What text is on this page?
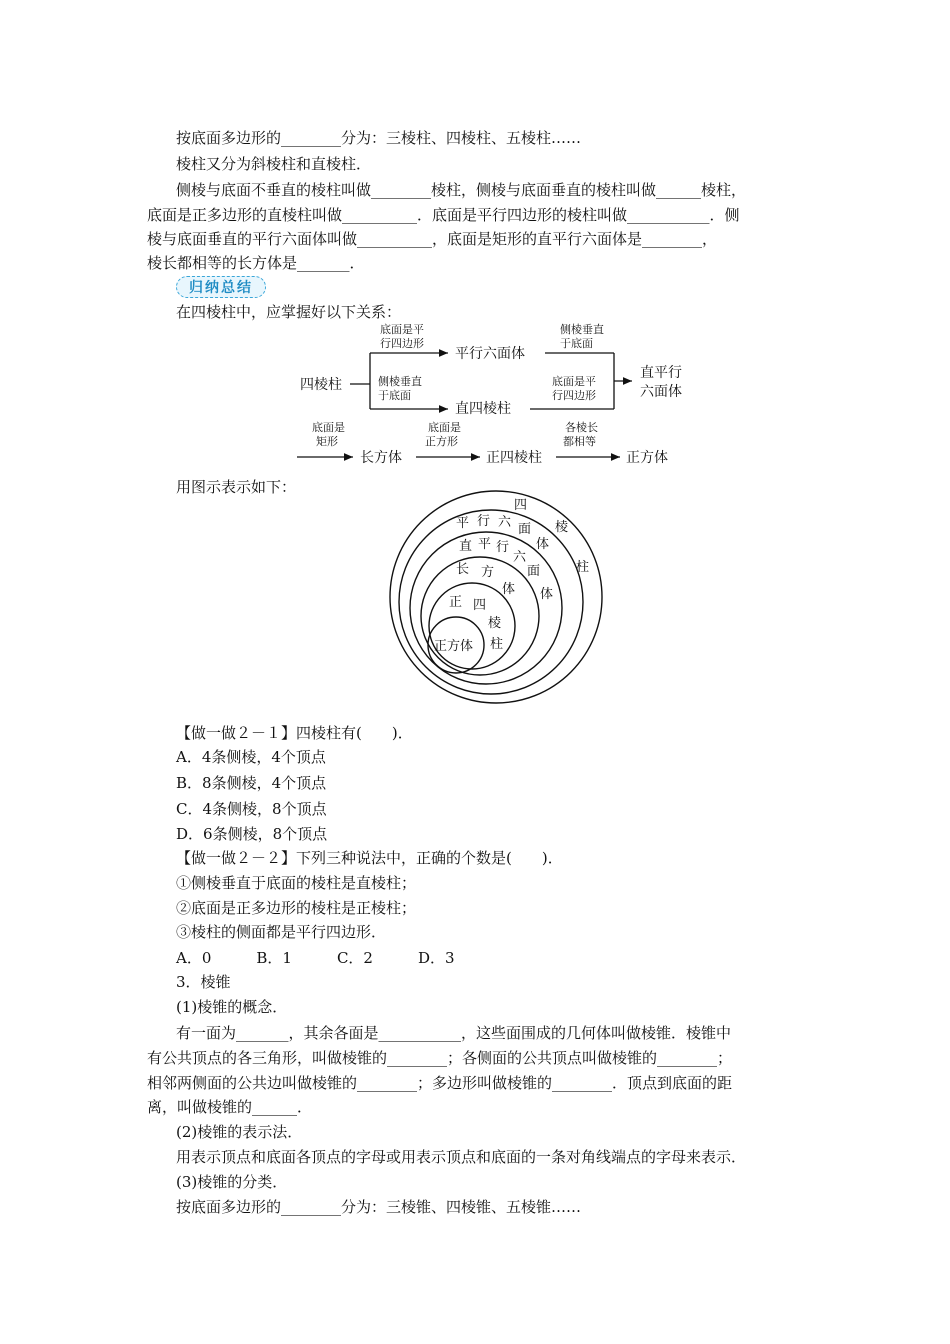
按底面多边形的________分为：三棱柱、四棱柱、五棱柱……
棱柱又分为斜棱柱和直棱柱．
侧棱与底面不垂直的棱柱叫做________棱柱，侧棱与底面垂直的棱柱叫做______棱柱，
底面是正多边形的直棱柱叫做__________．底面是平行四边形的棱柱叫做___________．侧
棱与底面垂直的平行六面体叫做__________，底面是矩形的直平行六面体是________，
棱长都相等的长方体是_______．
归纳总结
在四棱柱中，应掌握好以下关系：
四棱柱
底面是平
行四边形
侧棱垂直
于底面
平行六面体
直四棱柱
侧棱垂直
于底面
底面是平
行四边形
直平行
六面体
底面是
矩形
长方体
底面是
正方形
正四棱柱
各棱长
都相等
正方体
四
棱
柱
平 行 六 面
体
直 平 行
六
面
体
长 方
体
正 四
棱
柱
正方体
用图示表示如下：
【做一做２－１】四棱柱有(　　)．
A．4条侧棱，4个顶点
B．8条侧棱，4个顶点
C．4条侧棱，8个顶点
D．6条侧棱，8个顶点
【做一做２－２】下列三种说法中，正确的个数是(　　)．
①侧棱垂直于底面的棱柱是直棱柱；
②底面是正多边形的棱柱是正棱柱；
③棱柱的侧面都是平行四边形．
A．0　　　B．1　　　C．2　　　D．3
3．棱锥
(1)棱锥的概念．
有一面为_______，其余各面是___________，这些面围成的几何体叫做棱锥．棱锥中
有公共顶点的各三角形，叫做棱锥的________；各侧面的公共顶点叫做棱锥的________；
相邻两侧面的公共边叫做棱锥的________；多边形叫做棱锥的________．顶点到底面的距
离，叫做棱锥的______．
(2)棱锥的表示法．
用表示顶点和底面各顶点的字母或用表示顶点和底面的一条对角线端点的字母来表示．
(3)棱锥的分类．
按底面多边形的________分为：三棱锥、四棱锥、五棱锥……
